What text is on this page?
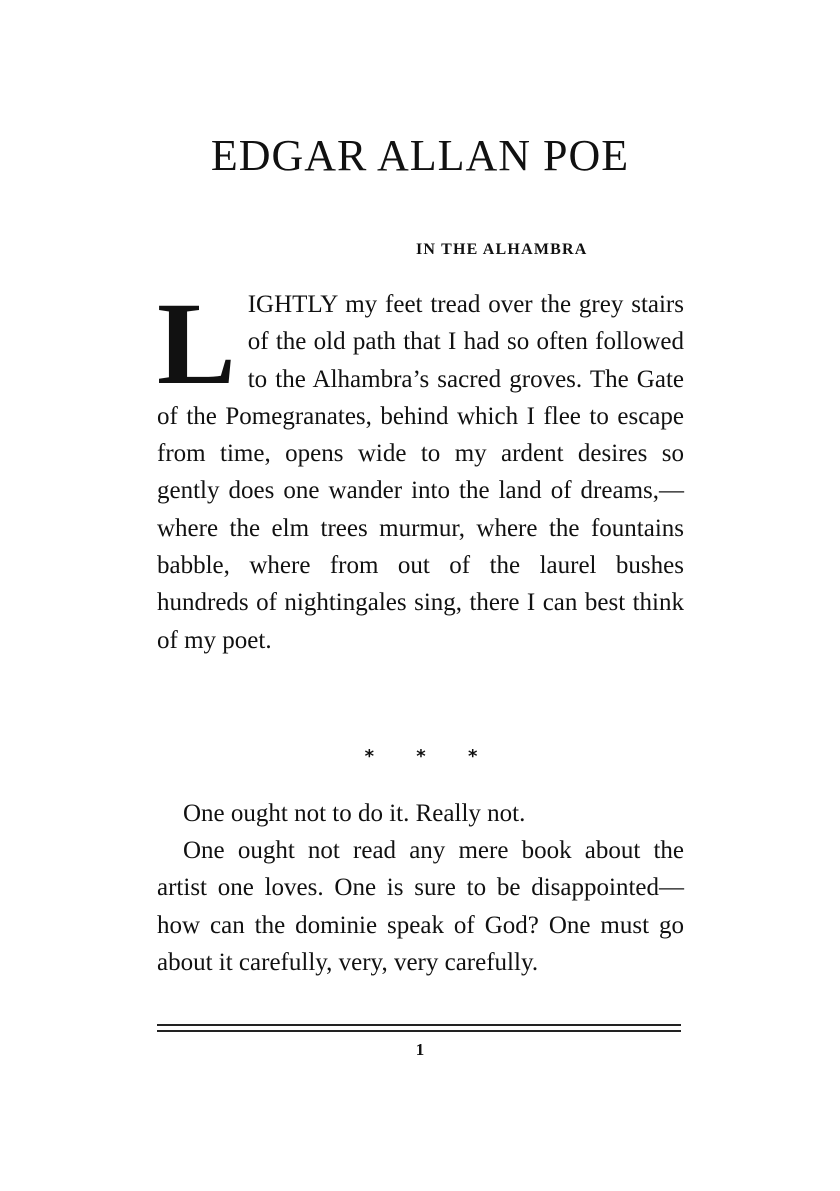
EDGAR ALLAN POE
IN THE ALHAMBRA

LIGHTLY my feet tread over the grey stairs of the old path that I had so often followed to the Alhambra’s sacred groves. The Gate of the Pomegranates, behind which I flee to escape from time, opens wide to my ardent desires so gently does one wander into the land of dreams,—where the elm trees murmur, where the fountains babble, where from out of the laurel bushes hundreds of nightingales sing, there I can best think of my poet.

* * *

One ought not to do it. Really not.

One ought not read any mere book about the artist one loves. One is sure to be disappointed—how can the dominie speak of God? One must go about it carefully, very, very carefully.

1
